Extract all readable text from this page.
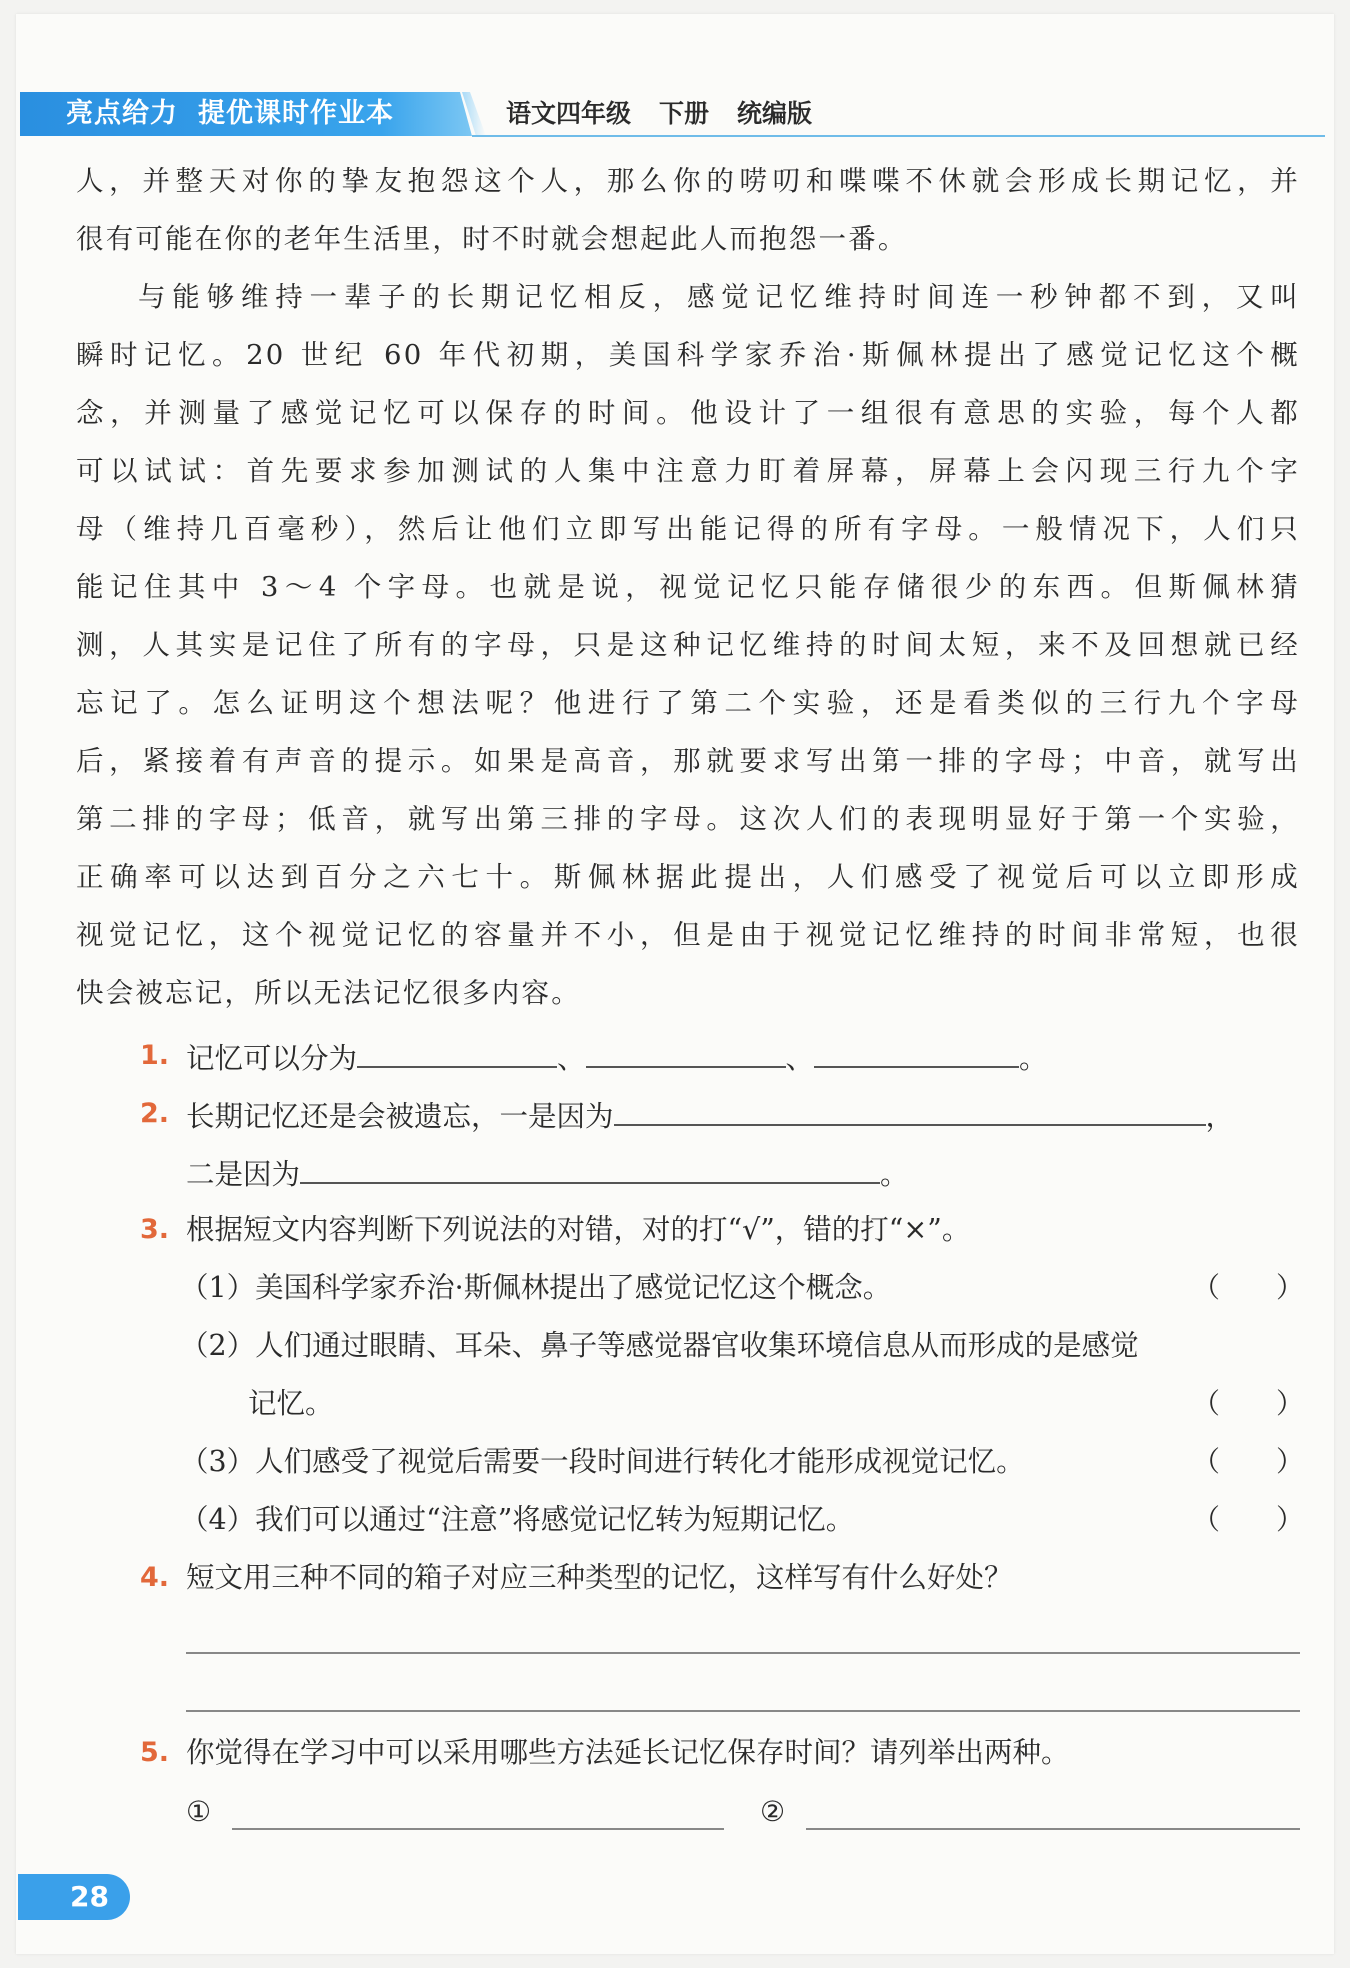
亮点给力 提优课时作业本	语文四年级 下册 统编版
人，并整天对你的挚友抱怨这个人，那么你的唠叨和喋喋不休就会形成长期记忆，并
很有可能在你的老年生活里，时不时就会想起此人而抱怨一番。
与能够维持一辈子的长期记忆相反，感觉记忆维持时间连一秒钟都不到，又叫
瞬时记忆。20 世纪 60 年代初期，美国科学家乔治·斯佩林提出了感觉记忆这个概
念，并测量了感觉记忆可以保存的时间。他设计了一组很有意思的实验，每个人都
可以试试：首先要求参加测试的人集中注意力盯着屏幕，屏幕上会闪现三行九个字
母（维持几百毫秒），然后让他们立即写出能记得的所有字母。一般情况下，人们只
能记住其中 3～4 个字母。也就是说，视觉记忆只能存储很少的东西。但斯佩林猜
测，人其实是记住了所有的字母，只是这种记忆维持的时间太短，来不及回想就已经
忘记了。怎么证明这个想法呢？他进行了第二个实验，还是看类似的三行九个字母
后，紧接着有声音的提示。如果是高音，那就要求写出第一排的字母；中音，就写出
第二排的字母；低音，就写出第三排的字母。这次人们的表现明显好于第一个实验，
正确率可以达到百分之六七十。斯佩林据此提出，人们感受了视觉后可以立即形成
视觉记忆，这个视觉记忆的容量并不小，但是由于视觉记忆维持的时间非常短，也很
快会被忘记，所以无法记忆很多内容。
1. 记忆可以分为	、	、	。
2. 长期记忆还是会被遗忘，一是因为	，
二是因为	。
3. 根据短文内容判断下列说法的对错，对的打“√”，错的打“×”。
（1）美国科学家乔治·斯佩林提出了感觉记忆这个概念。	（　　）
（2）人们通过眼睛、耳朵、鼻子等感觉器官收集环境信息从而形成的是感觉
记忆。	（　　）
（3）人们感受了视觉后需要一段时间进行转化才能形成视觉记忆。	（　　）
（4）我们可以通过“注意”将感觉记忆转为短期记忆。	（　　）
4. 短文用三种不同的箱子对应三种类型的记忆，这样写有什么好处？
5. 你觉得在学习中可以采用哪些方法延长记忆保存时间？请列举出两种。
①	②
28
